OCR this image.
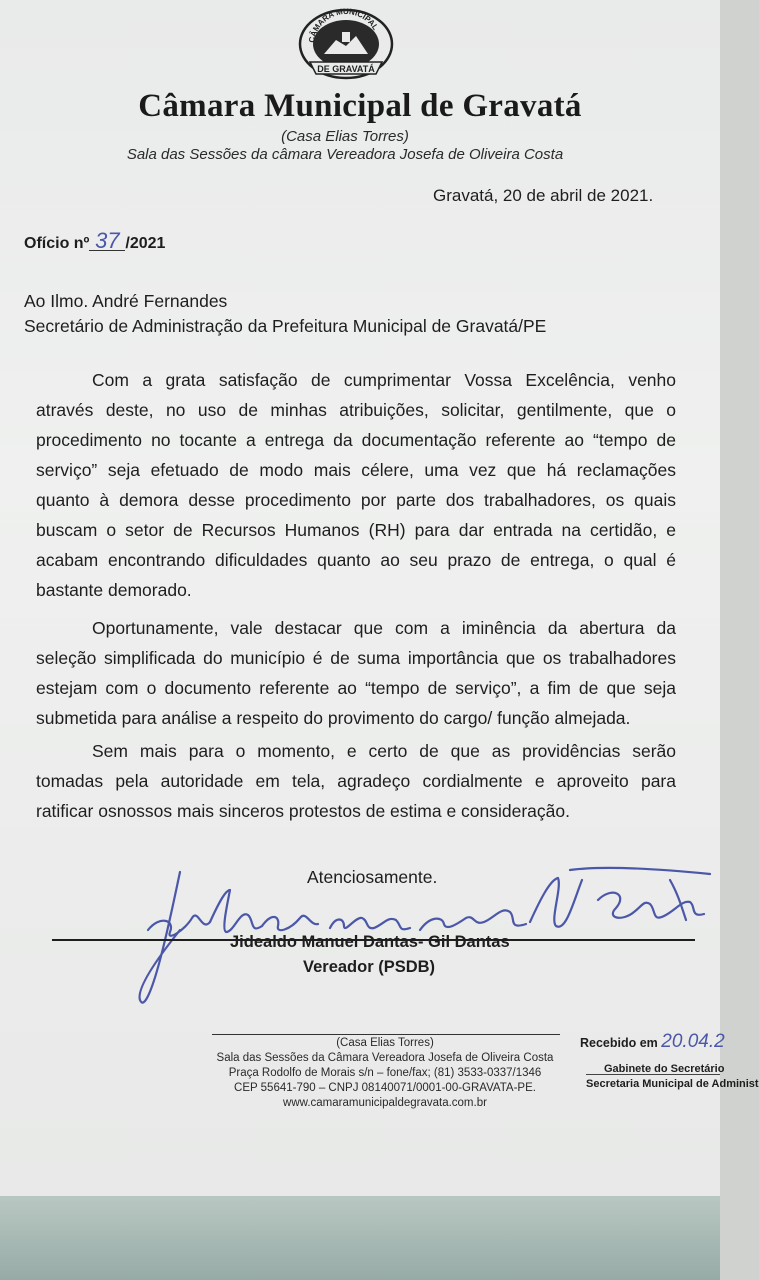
CÂMARA MUNICIPAL
DE GRAVATÁ
Câmara Municipal de Gravatá
(Casa Elias Torres)
Sala das Sessões da câmara Vereadora Josefa de Oliveira Costa
Gravatá, 20 de abril de 2021.
Ofício nº 37 /2021
Ao Ilmo. André Fernandes
Secretário de Administração da Prefeitura Municipal de Gravatá/PE
Com a grata satisfação de cumprimentar Vossa Excelência, venho
através deste, no uso de minhas atribuições, solicitar, gentilmente, que o
procedimento no tocante a entrega da documentação referente ao “tempo de
serviço” seja efetuado de modo mais célere, uma vez que há reclamações
quanto à demora desse procedimento por parte dos trabalhadores, os quais
buscam o setor de Recursos Humanos (RH) para dar entrada na certidão, e
acabam encontrando dificuldades quanto ao seu prazo de entrega, o qual é
bastante demorado.
Oportunamente, vale destacar que com a iminência da abertura da
seleção simplificada do município é de suma importância que os trabalhadores
estejam com o documento referente ao “tempo de serviço”, a fim de que seja
submetida para análise a respeito do provimento do cargo/ função almejada.
Sem mais para o momento, e certo de que as providências serão
tomadas pela autoridade em tela, agradeço cordialmente e aproveito para
ratificar osnossos mais sinceros protestos de estima e consideração.
Atenciosamente.
Jidealdo Manuel Dantas- Gil Dantas
Vereador (PSDB)
(Casa Elias Torres)
Sala das Sessões da Câmara Vereadora Josefa de Oliveira Costa
Praça Rodolfo de Morais s/n – fone/fax; (81) 3533-0337/1346
CEP 55641-790 – CNPJ 08140071/0001-00-GRAVATA-PE.
www.camaramunicipaldegravata.com.br
Recebido em 20.04.2
Gabinete do Secretário
Secretaria Municipal de Administ
